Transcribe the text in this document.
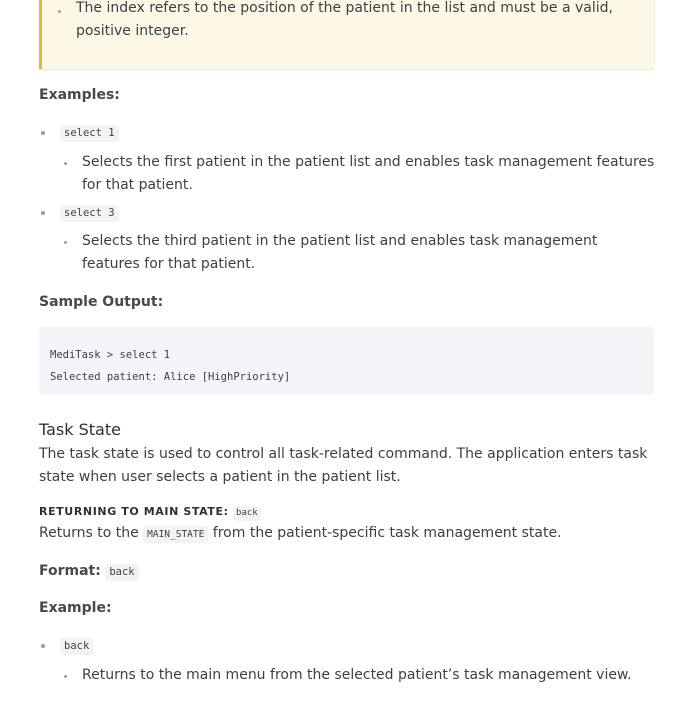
The index refers to the position of the patient in the list and must be a valid, positive integer.
Examples:
select 1
Selects the first patient in the patient list and enables task management features for that patient.
select 3
Selects the third patient in the patient list and enables task management features for that patient.
Sample Output:
MediTask > select 1
Selected patient: Alice [HighPriority]
Task State
The task state is used to control all task-related command. The application enters task state when user selects a patient in the patient list.
RETURNING TO MAIN STATE: back
Returns to the MAIN_STATE from the patient-specific task management state.
Format: back
Example:
back
Returns to the main menu from the selected patient’s task management view.
